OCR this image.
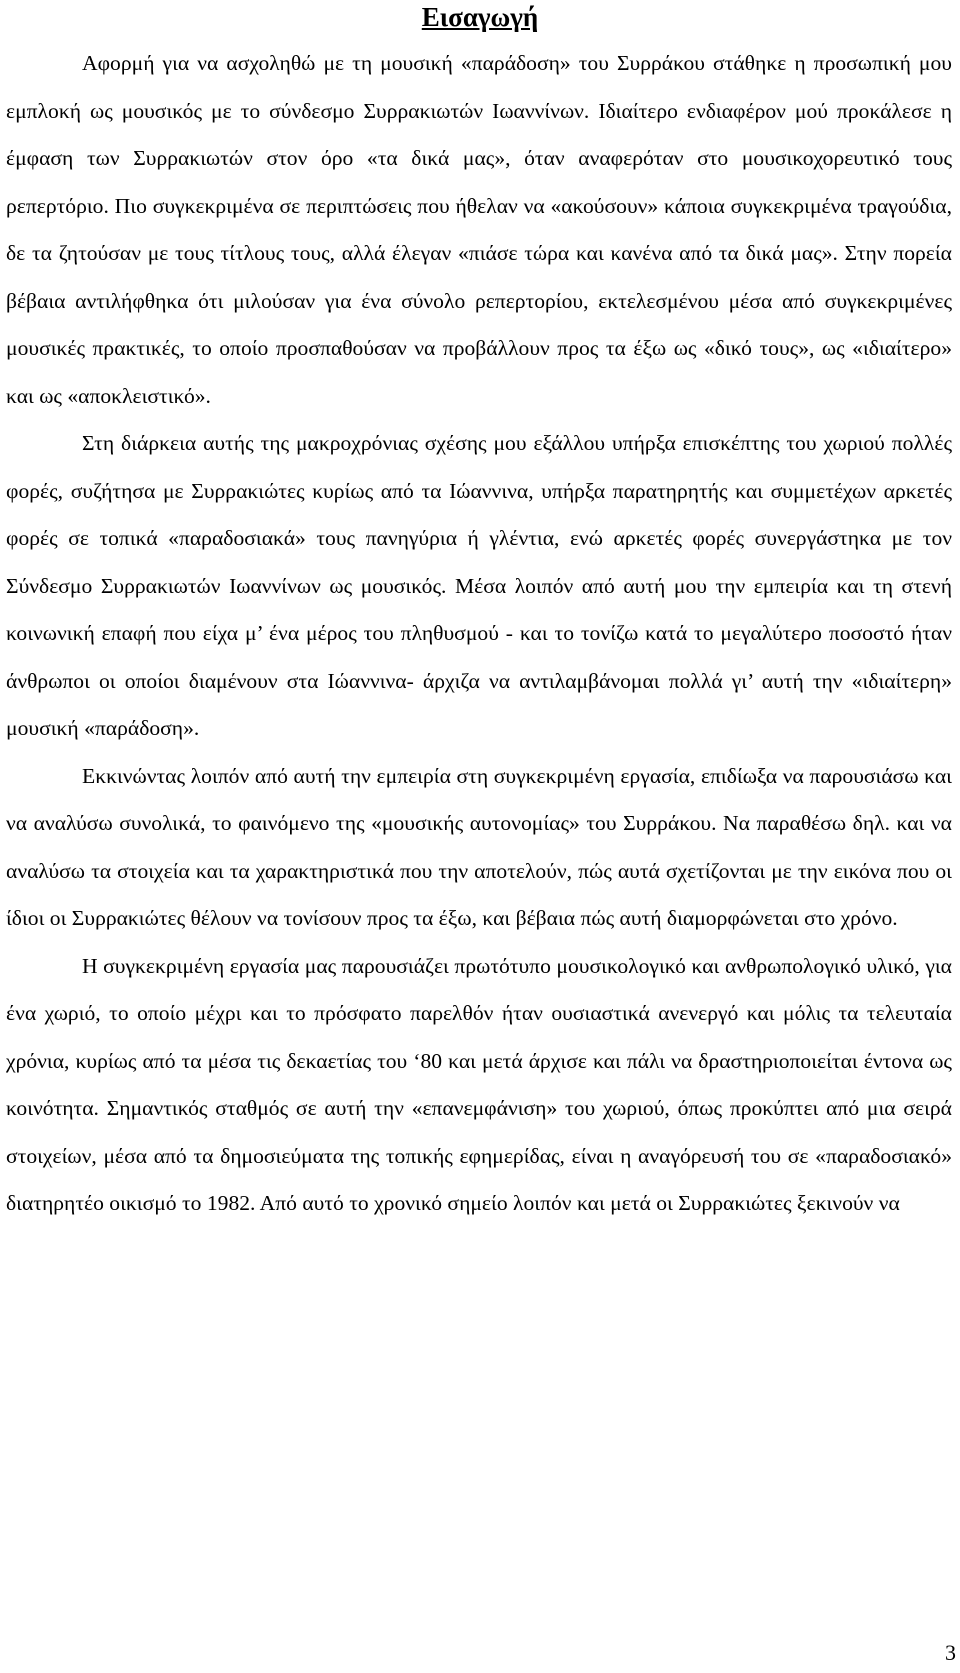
Εισαγωγή

Αφορμή για να ασχοληθώ με τη μουσική «παράδοση» του Συρράκου στάθηκε η προσωπική μου εμπλοκή ως μουσικός με το σύνδεσμο Συρρακιωτών Ιωαννίνων. Ιδιαίτερο ενδιαφέρον μού προκάλεσε η έμφαση των Συρρακιωτών στον όρο «τα δικά μας», όταν αναφερόταν στο μουσικοχορευτικό τους ρεπερτόριο. Πιο συγκεκριμένα σε περιπτώσεις που ήθελαν να «ακούσουν» κάποια συγκεκριμένα τραγούδια, δε τα ζητούσαν με τους τίτλους τους, αλλά έλεγαν «πιάσε τώρα και κανένα από τα δικά μας». Στην πορεία βέβαια αντιλήφθηκα ότι μιλούσαν για ένα σύνολο ρεπερτορίου, εκτελεσμένου μέσα από συγκεκριμένες μουσικές πρακτικές, το οποίο προσπαθούσαν να προβάλλουν προς τα έξω ως «δικό τους», ως «ιδιαίτερο» και ως «αποκλειστικό».

Στη διάρκεια αυτής της μακροχρόνιας σχέσης μου εξάλλου υπήρξα επισκέπτης του χωριού πολλές φορές, συζήτησα με Συρρακιώτες κυρίως από τα Ιώαννινα, υπήρξα παρατηρητής και συμμετέχων αρκετές φορές σε τοπικά «παραδοσιακά» τους πανηγύρια ή γλέντια, ενώ αρκετές φορές συνεργάστηκα με τον Σύνδεσμο Συρρακιωτών Ιωαννίνων ως μουσικός. Μέσα λοιπόν από αυτή μου την εμπειρία και τη στενή κοινωνική επαφή που είχα μ’ ένα μέρος του πληθυσμού - και το τονίζω κατά το μεγαλύτερο ποσοστό ήταν άνθρωποι οι οποίοι διαμένουν στα Ιώαννινα- άρχιζα να αντιλαμβάνομαι πολλά γι’ αυτή την «ιδιαίτερη» μουσική «παράδοση».

Εκκινώντας λοιπόν από αυτή την εμπειρία στη συγκεκριμένη εργασία, επιδίωξα να παρουσιάσω και να αναλύσω συνολικά, το φαινόμενο της «μουσικής αυτονομίας» του Συρράκου. Να παραθέσω δηλ. και να αναλύσω τα στοιχεία και τα χαρακτηριστικά που την αποτελούν, πώς αυτά σχετίζονται με την εικόνα που οι ίδιοι οι Συρρακιώτες θέλουν να τονίσουν προς τα έξω, και βέβαια πώς αυτή διαμορφώνεται στο χρόνο.

Η συγκεκριμένη εργασία μας παρουσιάζει πρωτότυπο μουσικολογικό και ανθρωπολογικό υλικό, για ένα χωριό, το οποίο μέχρι και το πρόσφατο παρελθόν ήταν ουσιαστικά ανενεργό και μόλις τα τελευταία χρόνια, κυρίως από τα μέσα τις δεκαετίας του ‘80 και μετά άρχισε και πάλι να δραστηριοποιείται έντονα ως κοινότητα. Σημαντικός σταθμός σε αυτή την «επανεμφάνιση» του χωριού, όπως προκύπτει από μια σειρά στοιχείων, μέσα από τα δημοσιεύματα της τοπικής εφημερίδας, είναι η αναγόρευσή του σε «παραδοσιακό» διατηρητέο οικισμό το 1982. Από αυτό το χρονικό σημείο λοιπόν και μετά οι Συρρακιώτες ξεκινούν να

3
